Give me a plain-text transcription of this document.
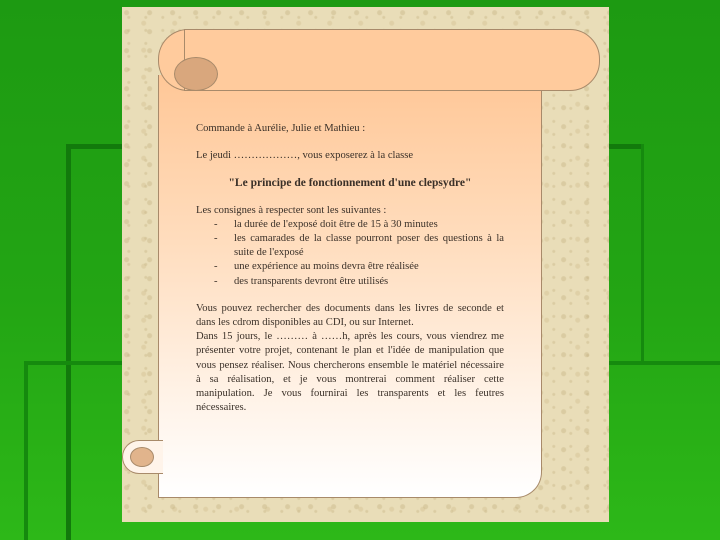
Commande à Aurélie, Julie et Mathieu :

Le jeudi ………………, vous exposerez à la classe

"Le principe de fonctionnement d'une clepsydre"

Les consignes à respecter sont les suivantes :

- la durée de l'exposé doit être de 15 à 30 minutes
- les camarades de la classe pourront poser des questions à la suite de l'exposé
- une expérience au moins devra être réalisée
- des transparents devront être utilisés

Vous pouvez rechercher des documents dans les livres de seconde et dans les cdrom disponibles au CDI, ou sur Internet.

Dans 15 jours, le ……… à ……h, après les cours, vous viendrez me présenter votre projet, contenant le plan et l'idée de manipulation que vous pensez réaliser. Nous chercherons ensemble le matériel nécessaire à sa réalisation, et je vous montrerai comment réaliser cette manipulation. Je vous fournirai les transparents et les feutres nécessaires.
